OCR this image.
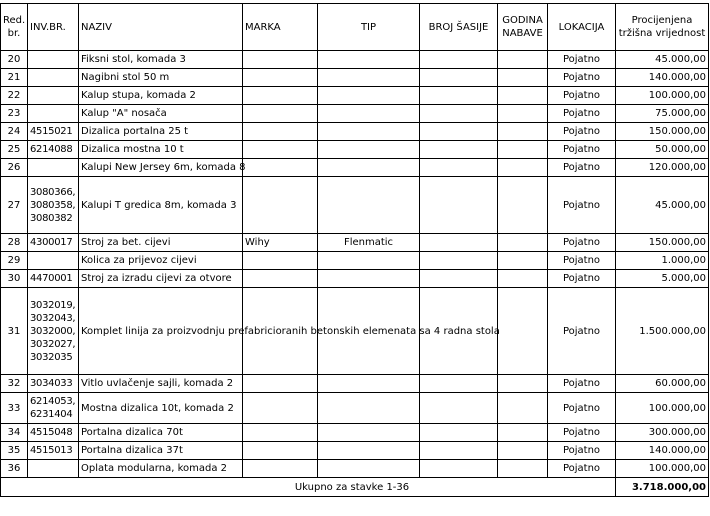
Red. br.	INV.BR.	NAZIV	MARKA	TIP	BROJ ŠASIJE	GODINA NABAVE	LOKACIJA	Procijenjena tržišna vrijednost
20		Fiksni stol, komada 3					Pojatno	45.000,00
21		Nagibni stol 50 m					Pojatno	140.000,00
22		Kalup stupa, komada 2					Pojatno	100.000,00
23		Kalup "A" nosača					Pojatno	75.000,00
24	4515021	Dizalica portalna 25 t					Pojatno	150.000,00
25	6214088	Dizalica mostna 10 t					Pojatno	50.000,00
26		Kalupi New Jersey 6m, komada 8					Pojatno	120.000,00
27	3080366,
3080358,
3080382	Kalupi T gredica 8m, komada 3					Pojatno	45.000,00
28	4300017	Stroj za bet. cijevi	Wihy	Flenmatic			Pojatno	150.000,00
29		Kolica za prijevoz cijevi					Pojatno	1.000,00
30	4470001	Stroj za izradu cijevi za otvore					Pojatno	5.000,00
31	3032019,
3032043,
3032000,
3032027,
3032035	Komplet linija za proizvodnju prefabricioranih betonskih elemenata sa 4 radna stola					Pojatno	1.500.000,00
32	3034033	Vitlo uvlačenje sajli, komada 2					Pojatno	60.000,00
33	6214053,
6231404	Mostna dizalica 10t, komada 2					Pojatno	100.000,00
34	4515048	Portalna dizalica 70t					Pojatno	300.000,00
35	4515013	Portalna dizalica 37t					Pojatno	140.000,00
36		Oplata modularna, komada 2					Pojatno	100.000,00
Ukupno za stavke 1-36								3.718.000,00
